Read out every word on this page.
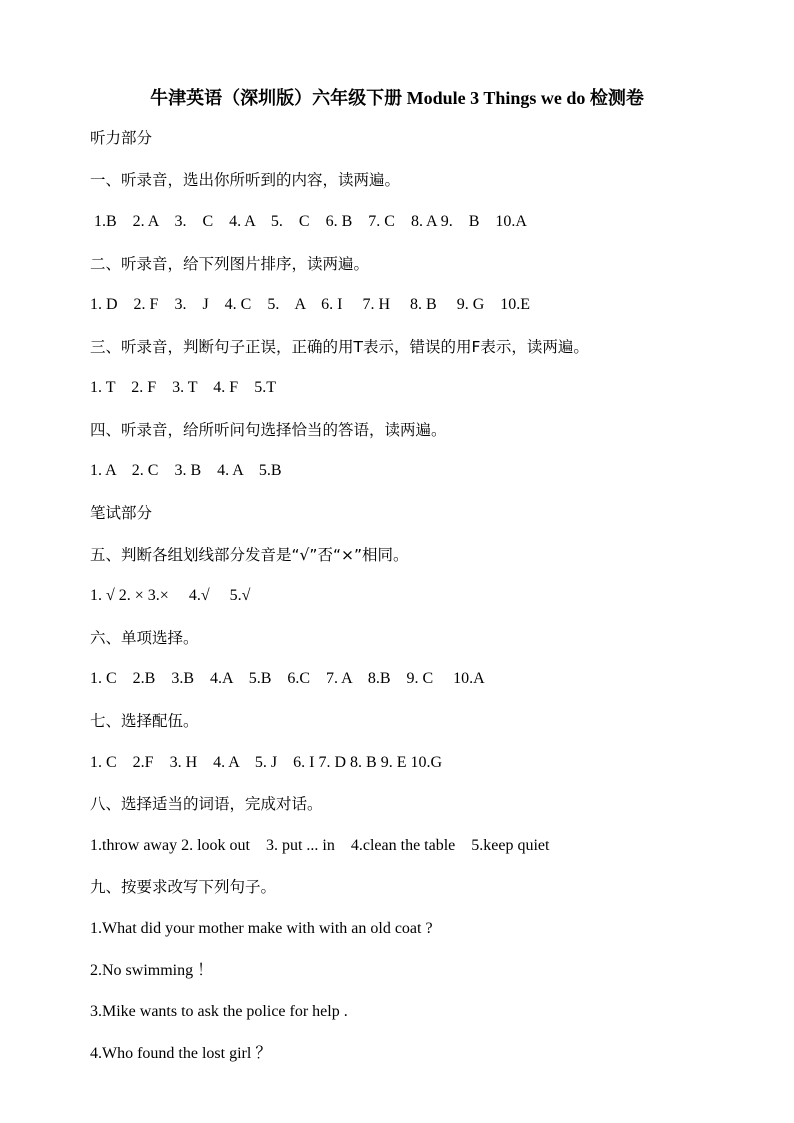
牛津英语（深圳版）六年级下册 Module 3 Things we do 检测卷
听力部分
一、听录音，选出你所听到的内容，读两遍。
1.B    2. A    3.    C    4. A    5.    C    6. B    7. C    8. A 9.    B    10.A
二、听录音，给下列图片排序，读两遍。
1. D    2. F    3.    J    4. C    5.    A    6. I     7. H     8. B     9. G    10.E
三、听录音，判断句子正误，正确的用T表示，错误的用F表示，读两遍。
1. T    2. F    3. T    4. F    5.T
四、听录音，给所听问句选择恰当的答语，读两遍。
1. A    2. C    3. B    4. A    5.B
笔试部分
五、判断各组划线部分发音是“√”否“×”相同。
1. √ 2. × 3.×     4.√     5.√
六、单项选择。
1. C    2.B    3.B    4.A    5.B    6.C    7. A    8.B    9. C     10.A
七、选择配伍。
1. C    2.F    3. H    4. A    5. J    6. I 7. D 8. B 9. E 10.G
八、选择适当的词语，完成对话。
1.throw away 2. look out    3. put ... in    4.clean the table    5.keep quiet
九、按要求改写下列句子。
1.What did your mother make with with an old coat ?
2.No swimming ！
3.Mike wants to ask the police for help .
4.Who found the lost girl ？
